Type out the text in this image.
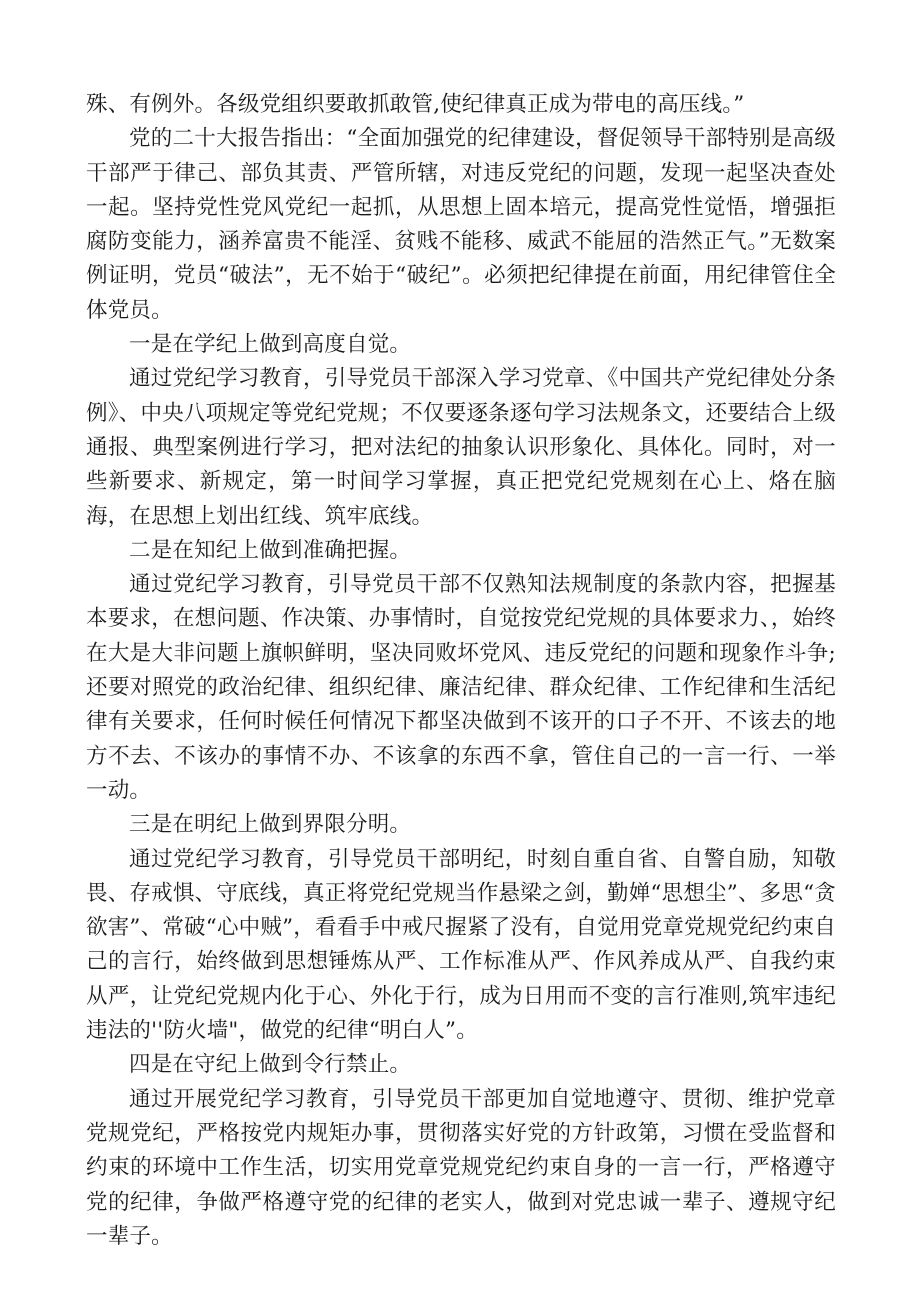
殊、有例外。各级党组织要敢抓敢管,使纪律真正成为带电的高压线。”

党的二十大报告指出：“全面加强党的纪律建设，督促领导干部特别是高级干部严于律己、部负其责、严管所辖，对违反党纪的问题，发现一起坚决查处一起。坚持党性党风党纪一起抓，从思想上固本培元，提高党性觉悟，增强拒腐防变能力，涵养富贵不能淫、贫贱不能移、威武不能屈的浩然正气。”无数案例证明，党员“破法”，无不始于“破纪”。必须把纪律提在前面，用纪律管住全体党员。

一是在学纪上做到高度自觉。

通过党纪学习教育，引导党员干部深入学习党章、《中国共产党纪律处分条例》、中央八项规定等党纪党规；不仅要逐条逐句学习法规条文，还要结合上级通报、典型案例进行学习，把对法纪的抽象认识形象化、具体化。同时，对一些新要求、新规定，第一时间学习掌握，真正把党纪党规刻在心上、烙在脑海，在思想上划出红线、筑牢底线。

二是在知纪上做到准确把握。

通过党纪学习教育，引导党员干部不仅熟知法规制度的条款内容，把握基本要求，在想问题、作决策、办事情时，自觉按党纪党规的具体要求力、，始终在大是大非问题上旗帜鲜明，坚决同败坏党风、违反党纪的问题和现象作斗争;还要对照党的政治纪律、组织纪律、廉洁纪律、群众纪律、工作纪律和生活纪律有关要求，任何时候任何情况下都坚决做到不该开的口子不开、不该去的地方不去、不该办的事情不办、不该拿的东西不拿，管住自己的一言一行、一举一动。

三是在明纪上做到界限分明。

通过党纪学习教育，引导党员干部明纪，时刻自重自省、自警自励，知敬畏、存戒惧、守底线，真正将党纪党规当作悬梁之剑，勤婵“思想尘”、多思“贪欲害”、常破“心中贼”，看看手中戒尺握紧了没有，自觉用党章党规党纪约束自己的言行，始终做到思想锤炼从严、工作标准从严、作风养成从严、自我约束从严，让党纪党规内化于心、外化于行，成为日用而不变的言行准则,筑牢违纪违法的''防火墙"，做党的纪律“明白人”。

四是在守纪上做到令行禁止。

通过开展党纪学习教育，引导党员干部更加自觉地遵守、贯彻、维护党章党规党纪，严格按党内规矩办事，贯彻落实好党的方针政第，习惯在受监督和约束的环境中工作生活，切实用党章党规党纪约束自身的一言一行，严格遵守党的纪律，争做严格遵守党的纪律的老实人，做到对党忠诚一辈子、遵规守纪一辈子。
